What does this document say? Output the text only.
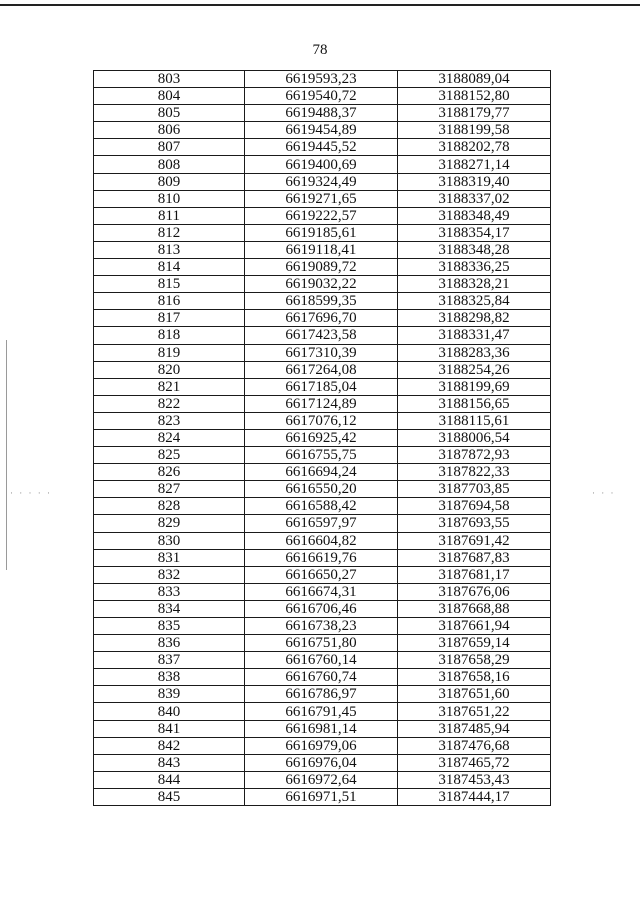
· · · · ·	· · ·
78
803	6619593,23	3188089,04
804	6619540,72	3188152,80
805	6619488,37	3188179,77
806	6619454,89	3188199,58
807	6619445,52	3188202,78
808	6619400,69	3188271,14
809	6619324,49	3188319,40
810	6619271,65	3188337,02
811	6619222,57	3188348,49
812	6619185,61	3188354,17
813	6619118,41	3188348,28
814	6619089,72	3188336,25
815	6619032,22	3188328,21
816	6618599,35	3188325,84
817	6617696,70	3188298,82
818	6617423,58	3188331,47
819	6617310,39	3188283,36
820	6617264,08	3188254,26
821	6617185,04	3188199,69
822	6617124,89	3188156,65
823	6617076,12	3188115,61
824	6616925,42	3188006,54
825	6616755,75	3187872,93
826	6616694,24	3187822,33
827	6616550,20	3187703,85
828	6616588,42	3187694,58
829	6616597,97	3187693,55
830	6616604,82	3187691,42
831	6616619,76	3187687,83
832	6616650,27	3187681,17
833	6616674,31	3187676,06
834	6616706,46	3187668,88
835	6616738,23	3187661,94
836	6616751,80	3187659,14
837	6616760,14	3187658,29
838	6616760,74	3187658,16
839	6616786,97	3187651,60
840	6616791,45	3187651,22
841	6616981,14	3187485,94
842	6616979,06	3187476,68
843	6616976,04	3187465,72
844	6616972,64	3187453,43
845	6616971,51	3187444,17
